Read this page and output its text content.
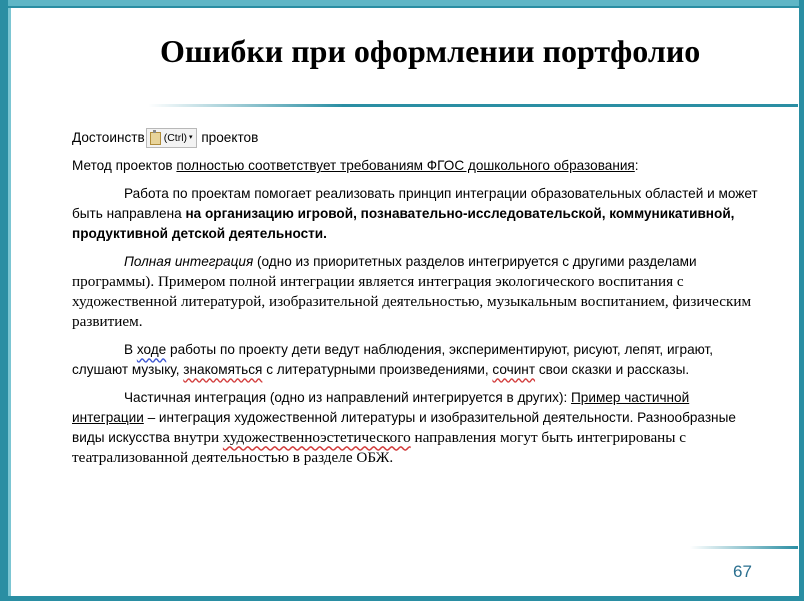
Ошибки при оформлении портфолио

Достоинств (Ctrl) ▾ проектов

Метод проектов полностью соответствует требованиям ФГОС дошкольного образования:

Работа по проектам помогает реализовать принцип интеграции образовательных областей и может быть направлена на организацию игровой, познавательно-исследовательской, коммуникативной, продуктивной детской деятельности.

Полная интеграция (одно из приоритетных разделов интегрируется с другими разделами программы). Примером полной интеграции является интеграция экологического воспитания с художественной литературой, изобразительной деятельностью, музыкальным воспитанием, физическим развитием.

В ходе работы по проекту дети ведут наблюдения, экспериментируют, рисуют, лепят, играют, слушают музыку, знакомяться с литературными произведениями, сочинт свои сказки и рассказы.

Частичная интеграция (одно из направлений интегрируется в других): Пример частичной интеграции – интеграция художественной литературы и изобразительной деятельности. Разнообразные виды искусства внутри художественноэстетического направления могут быть интегрированы с театрализованной деятельностью в разделе ОБЖ.

67
